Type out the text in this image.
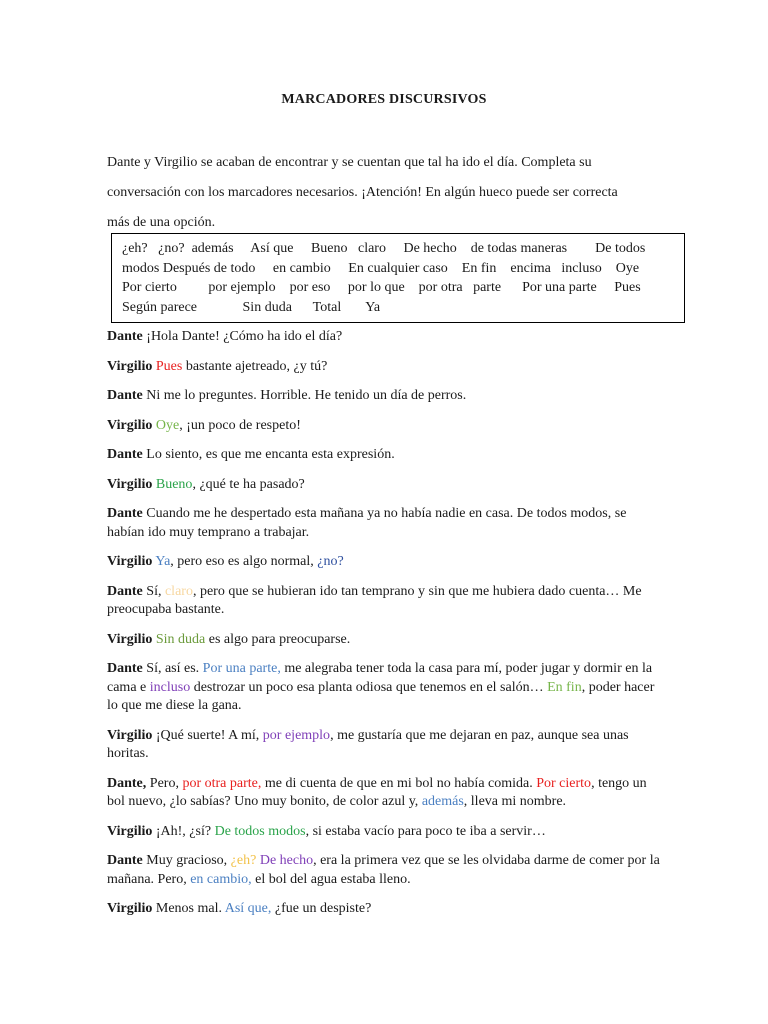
MARCADORES DISCURSIVOS
Dante y Virgilio se acaban de encontrar y se cuentan que tal ha ido el día. Completa su
conversación con los marcadores necesarios. ¡Atención! En algún hueco puede ser correcta
más de una opción.
¿eh?   ¿no?  además     Así que     Bueno   claro     De hecho    de todas maneras        De todos
modos Después de todo     en cambio     En cualquier caso    En fin    encima   incluso    Oye
Por cierto         por ejemplo    por eso     por lo que    por otra   parte      Por una parte     Pues
Según parece             Sin duda      Total       Ya
Dante ¡Hola Dante! ¿Cómo ha ido el día?
Virgilio Pues bastante ajetreado, ¿y tú?
Dante Ni me lo preguntes. Horrible. He tenido un día de perros.
Virgilio Oye, ¡un poco de respeto!
Dante Lo siento, es que me encanta esta expresión.
Virgilio Bueno, ¿qué te ha pasado?
Dante Cuando me he despertado esta mañana ya no había nadie en casa. De todos modos, se habían ido muy temprano a trabajar.
Virgilio Ya, pero eso es algo normal, ¿no?
Dante Sí, claro, pero que se hubieran ido tan temprano y sin que me hubiera dado cuenta… Me preocupaba bastante.
Virgilio Sin duda es algo para preocuparse.
Dante Sí, así es. Por una parte, me alegraba tener toda la casa para mí, poder jugar y dormir en la cama e incluso destrozar un poco esa planta odiosa que tenemos en el salón… En fin, poder hacer lo que me diese la gana.
Virgilio ¡Qué suerte! A mí, por ejemplo, me gustaría que me dejaran en paz, aunque sea unas horitas.
Dante, Pero, por otra parte, me di cuenta de que en mi bol no había comida. Por cierto, tengo un bol nuevo, ¿lo sabías? Uno muy bonito, de color azul y, además, lleva mi nombre.
Virgilio ¡Ah!, ¿sí? De todos modos, si estaba vacío para poco te iba a servir…
Dante Muy gracioso, ¿eh? De hecho, era la primera vez que se les olvidaba darme de comer por la mañana. Pero, en cambio, el bol del agua estaba lleno.
Virgilio Menos mal. Así que, ¿fue un despiste?
